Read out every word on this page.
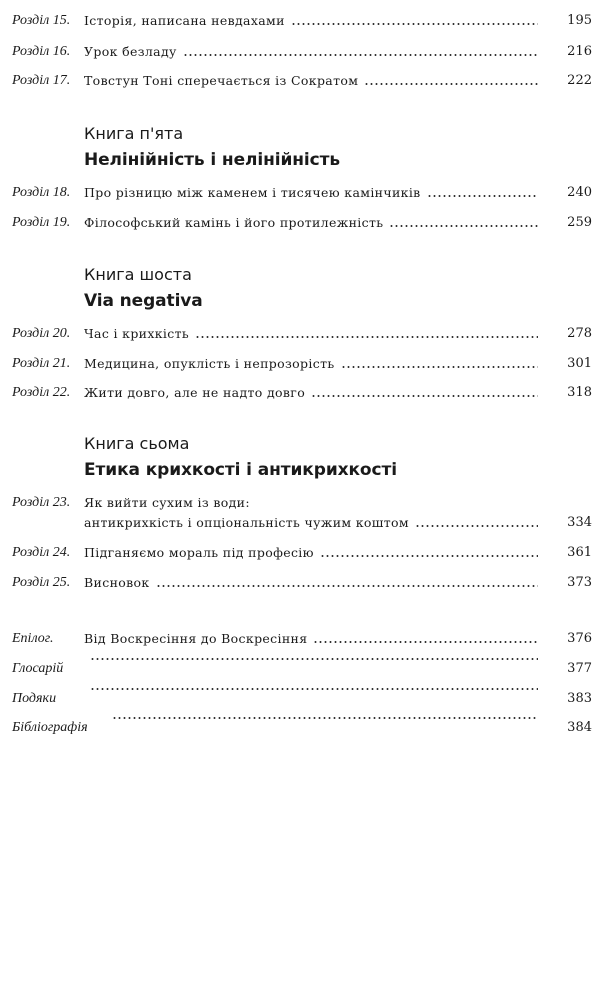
Розділ 15. Історія, написана невдахами	195
Розділ 16. Урок безладу	216
Розділ 17. Товстун Тоні сперечається із Сократом	222
Книга п'ята
Нелінійність і нелінійність
Розділ 18. Про різницю між каменем і тисячею камінчиків	240
Розділ 19. Філософський камінь і його протилежність	259
Книга шоста
Via negativa
Розділ 20. Час і крихкість	278
Розділ 21. Медицина, опуклість і непрозорість	301
Розділ 22. Жити довго, але не надто довго	318
Книга сьома
Етика крихкості і антикрихкості
Розділ 23. Як вийти сухим із води:
антикрихкість і опціональність чужим коштом	334
Розділ 24. Підганяємо мораль під професію	361
Розділ 25. Висновок	373
Епілог. Від Воскресіння до Воскресіння	376
Глосарій	377
Подяки	383
Бібліографія	384
